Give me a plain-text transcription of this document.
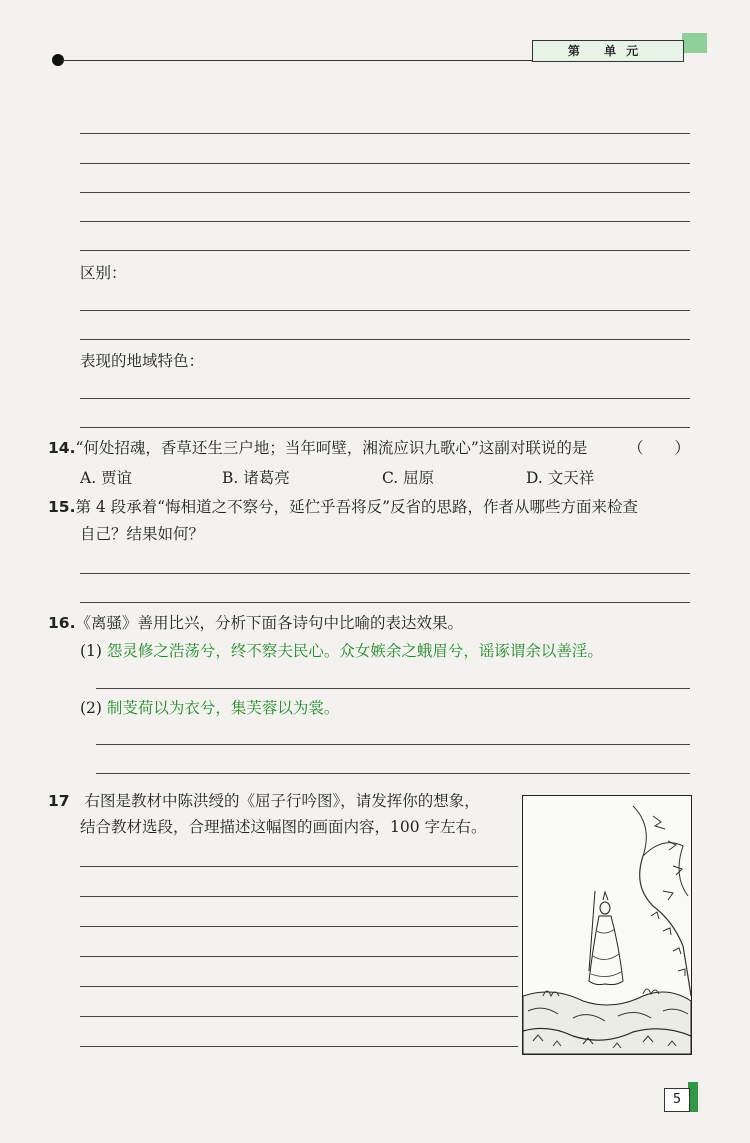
第 单元
区别：
表现的地域特色：
14.“何处招魂，香草还生三户地；当年呵壁，湘流应识九歌心”这副对联说的是	（　　）
A. 贾谊	B. 诸葛亮	C. 屈原	D. 文天祥
15.第 4 段承着“悔相道之不察兮，延伫乎吾将反”反省的思路，作者从哪些方面来检查
自己？结果如何？
16.《离骚》善用比兴，分析下面各诗句中比喻的表达效果。
(1) 怨灵修之浩荡兮，终不察夫民心。众女嫉余之蛾眉兮，谣诼谓余以善淫。
(2) 制芰荷以为衣兮，集芙蓉以为裳。
17 右图是教材中陈洪绶的《屈子行吟图》，请发挥你的想象，
结合教材选段，合理描述这幅图的画面内容，100 字左右。
5
